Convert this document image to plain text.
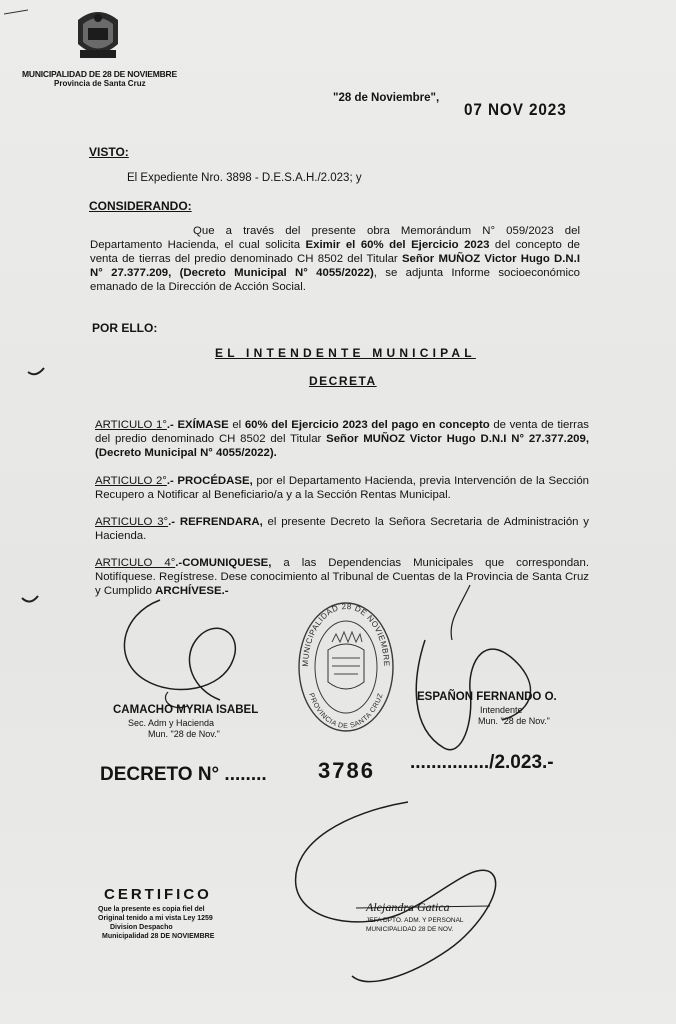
MUNICIPALIDAD DE 28 DE NOVIEMBRE
Provincia de Santa Cruz
"28 de Noviembre",
07 NOV 2023
VISTO:
El Expediente Nro. 3898 - D.E.S.A.H./2.023; y
CONSIDERANDO:
Que a través del presente obra Memorándum N° 059/2023 del Departamento Hacienda, el cual solicita Eximir el 60% del Ejercicio 2023 del concepto de venta de tierras del predio denominado CH 8502 del Titular Señor MUÑOZ Victor Hugo D.N.I N° 27.377.209, (Decreto Municipal N° 4055/2022), se adjunta Informe socioeconómico emanado de la Dirección de Acción Social.
POR ELLO:
EL INTENDENTE MUNICIPAL
DECRETA
ARTICULO 1°.- EXÍMASE el 60% del Ejercicio 2023 del pago en concepto de venta de tierras del predio denominado CH 8502 del Titular Señor MUÑOZ Victor Hugo D.N.I N° 27.377.209, (Decreto Municipal N° 4055/2022).
ARTICULO 2°.- PROCÉDASE, por el Departamento Hacienda, previa Intervención de la Sección Recupero a Notificar al Beneficiario/a y a la Sección Rentas Municipal.
ARTICULO 3°.- REFRENDARA, el presente Decreto la Señora Secretaria de Administración y Hacienda.
ARTICULO 4°.-COMUNIQUESE, a las Dependencias Municipales que correspondan. Notifíquese. Regístrese. Dese conocimiento al Tribunal de Cuentas de la Provincia de Santa Cruz y Cumplido ARCHÍVESE.-
MUNICIPALIDAD 28 DE NOVIEMBRE
PROVINCIA DE SANTA CRUZ
CAMACHO MYRIA ISABEL
Sec. Adm y Hacienda
Mun. "28 de Nov."
ESPAÑON FERNANDO O.
Intendente
Mun. "28 de Nov."
DECRETO N° ........ 3786 .............../2.023.-
CERTIFICO
Que la presente es copia fiel del
Original tenido a mi vista Ley 1259
Division Despacho
Municipalidad 28 DE NOVIEMBRE
Alejandra Gatica
JEFA DPTO. ADM. Y PERSONAL
MUNICIPALIDAD 28 DE NOV.
